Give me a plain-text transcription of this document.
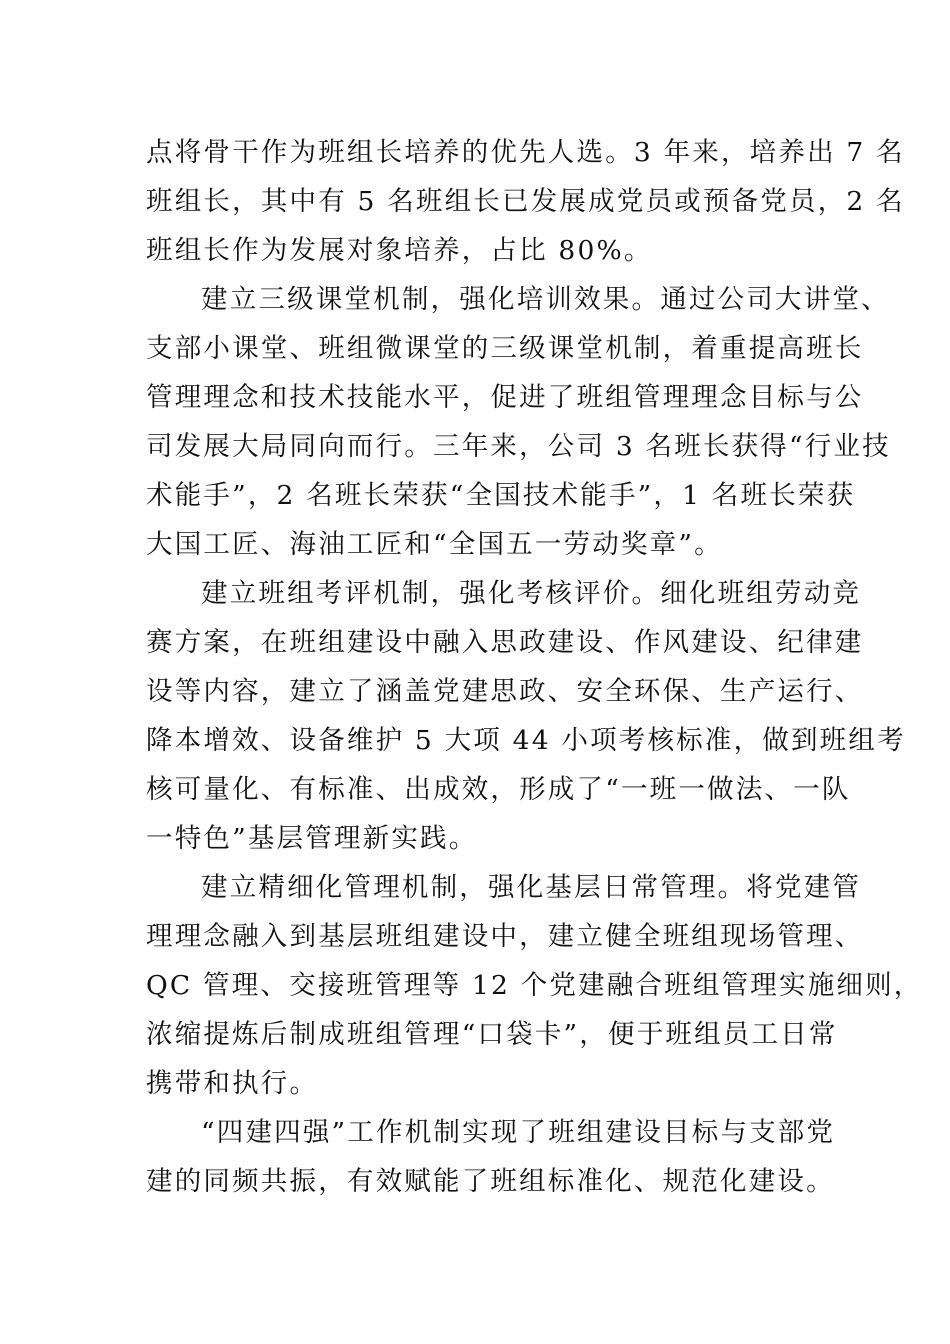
点将骨干作为班组长培养的优先人选。3 年来，培养出 7 名
班组长，其中有 5 名班组长已发展成党员或预备党员，2 名
班组长作为发展对象培养，占比 80%。

建立三级课堂机制，强化培训效果。通过公司大讲堂、
支部小课堂、班组微课堂的三级课堂机制，着重提高班长
管理理念和技术技能水平，促进了班组管理理念目标与公
司发展大局同向而行。三年来，公司 3 名班长获得“行业技
术能手”，2 名班长荣获“全国技术能手”，1 名班长荣获
大国工匠、海油工匠和“全国五一劳动奖章”。

建立班组考评机制，强化考核评价。细化班组劳动竞
赛方案，在班组建设中融入思政建设、作风建设、纪律建
设等内容，建立了涵盖党建思政、安全环保、生产运行、
降本增效、设备维护 5 大项 44 小项考核标准，做到班组考
核可量化、有标准、出成效，形成了“一班一做法、一队
一特色”基层管理新实践。

建立精细化管理机制，强化基层日常管理。将党建管
理理念融入到基层班组建设中，建立健全班组现场管理、
QC 管理、交接班管理等 12 个党建融合班组管理实施细则，
浓缩提炼后制成班组管理“口袋卡”，便于班组员工日常
携带和执行。

“四建四强”工作机制实现了班组建设目标与支部党
建的同频共振，有效赋能了班组标准化、规范化建设。
